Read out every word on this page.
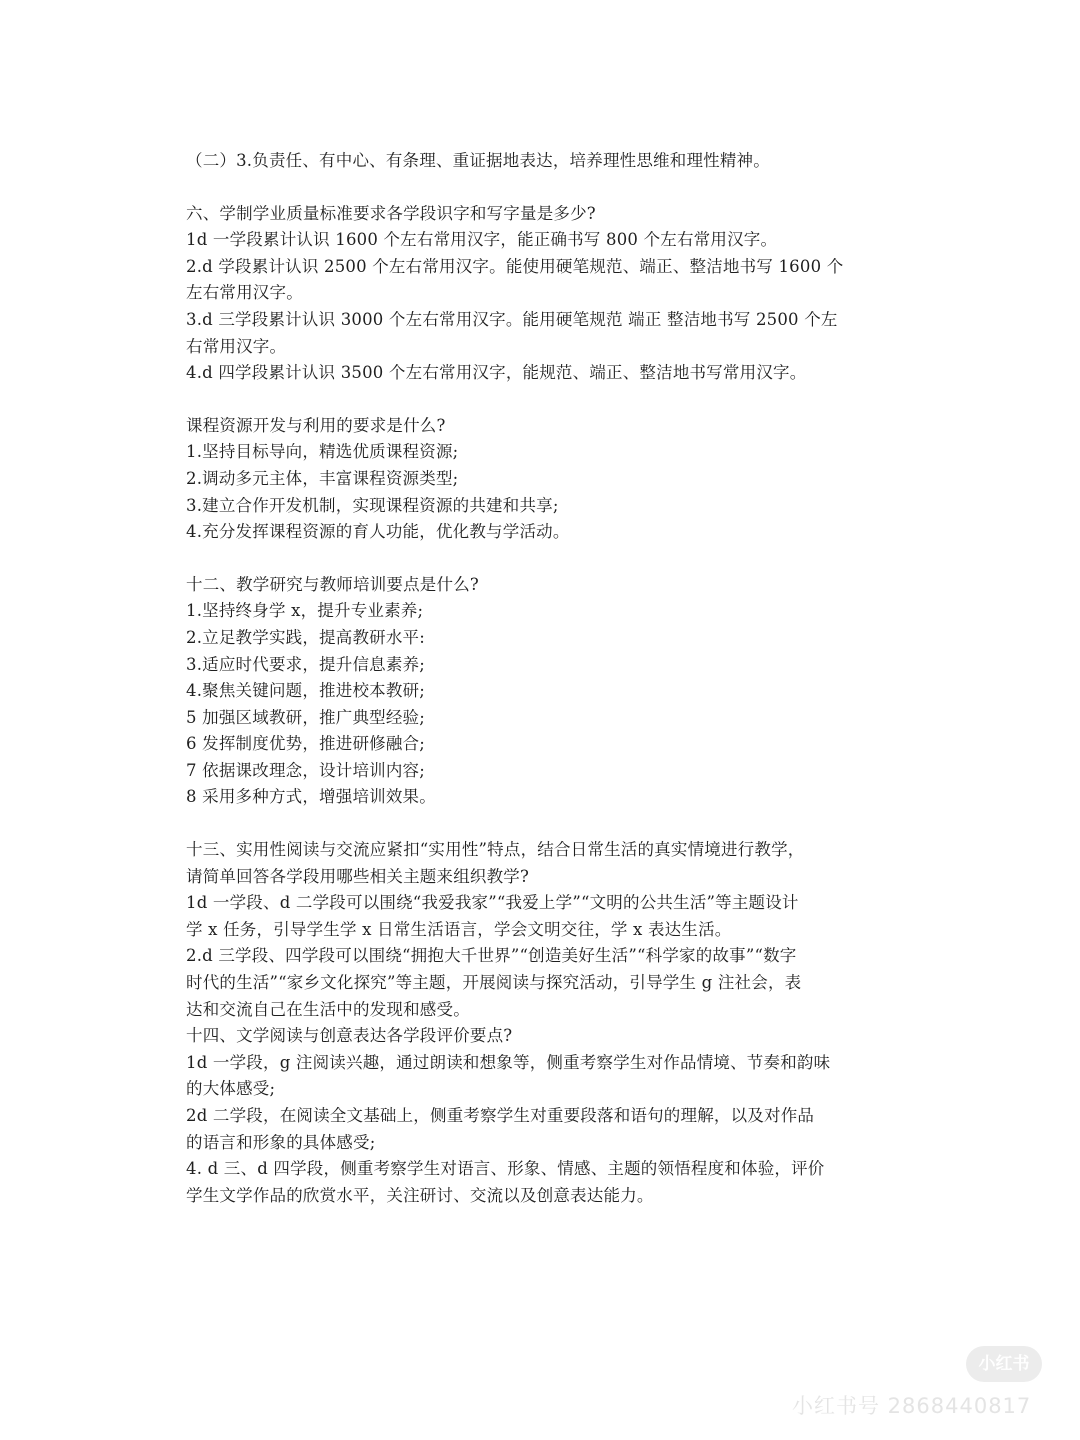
（二）3.负责任、有中心、有条理、重证据地表达，培养理性思维和理性精神。
六、学制学业质量标准要求各学段识字和写字量是多少?
1d 一学段累计认识 1600 个左右常用汉字，能正确书写 800 个左右常用汉字。
2.d 学段累计认识 2500 个左右常用汉字。能使用硬笔规范、端正、整洁地书写 1600 个
左右常用汉字。
3.d 三学段累计认识 3000 个左右常用汉字。能用硬笔规范 端正 整洁地书写 2500 个左
右常用汉字。
4.d 四学段累计认识 3500 个左右常用汉字，能规范、端正、整洁地书写常用汉字。
课程资源开发与利用的要求是什么?
1.坚持目标导向，精选优质课程资源;
2.调动多元主体，丰富课程资源类型;
3.建立合作开发机制，实现课程资源的共建和共享;
4.充分发挥课程资源的育人功能，优化教与学活动。
十二、教学研究与教师培训要点是什么?
1.坚持终身学 x，提升专业素养;
2.立足教学实践，提高教研水平:
3.适应时代要求，提升信息素养;
4.聚焦关键问题，推进校本教研;
5 加强区域教研，推广典型经验;
6 发挥制度优势，推进研修融合;
7 依据课改理念，设计培训内容;
8 采用多种方式，增强培训效果。
十三、实用性阅读与交流应紧扣“实用性”特点，结合日常生活的真实情境进行教学，
请简单回答各学段用哪些相关主题来组织教学?
1d 一学段、d 二学段可以围绕“我爱我家”“我爱上学”“文明的公共生活”等主题设计
学 x 任务，引导学生学 x 日常生活语言，学会文明交往，学 x 表达生活。
2.d 三学段、四学段可以围绕“拥抱大千世界”“创造美好生活”“科学家的故事”“数字
时代的生活”“家乡文化探究”等主题，开展阅读与探究活动，引导学生 g 注社会，表
达和交流自己在生活中的发现和感受。
十四、文学阅读与创意表达各学段评价要点?
1d 一学段，g 注阅读兴趣，通过朗读和想象等，侧重考察学生对作品情境、节奏和韵味
的大体感受;
2d 二学段，在阅读全文基础上，侧重考察学生对重要段落和语句的理解，以及对作品
的语言和形象的具体感受;
4. d 三、d 四学段，侧重考察学生对语言、形象、情感、主题的领悟程度和体验，评价
学生文学作品的欣赏水平，关注研讨、交流以及创意表达能力。
小红书
小红书号 2868440817
